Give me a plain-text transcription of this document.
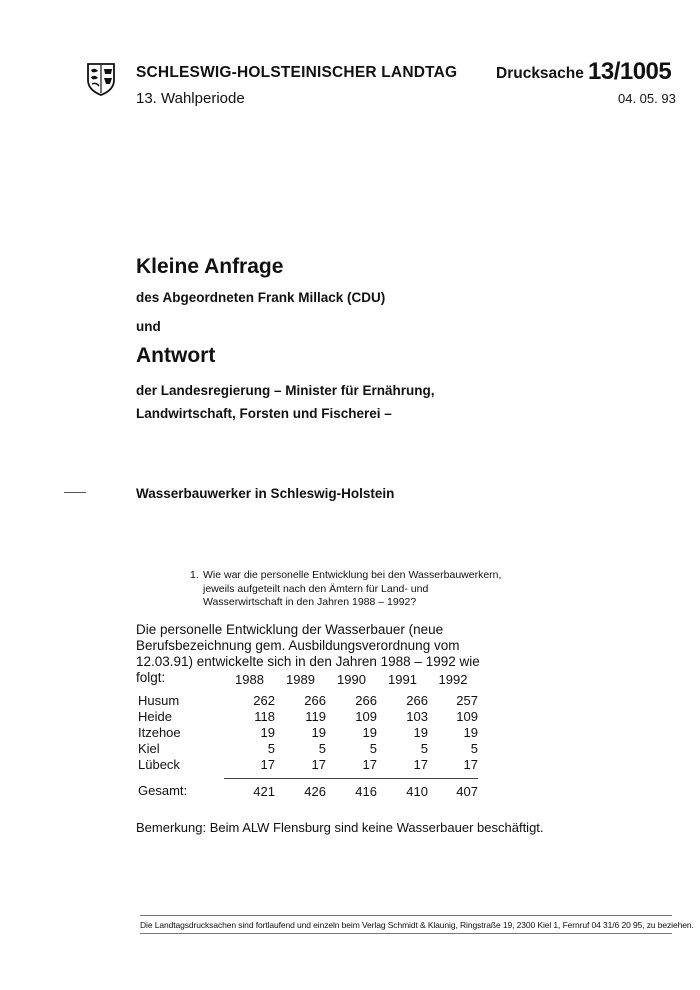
SCHLESWIG-HOLSTEINISCHER LANDTAG
13. Wahlperiode
Drucksache 13/1005
04. 05. 93
Kleine Anfrage
des Abgeordneten Frank Millack (CDU)
und
Antwort
der Landesregierung – Minister für Ernährung,
Landwirtschaft, Forsten und Fischerei –
Wasserbauwerker in Schleswig-Holstein
1. Wie war die personelle Entwicklung bei den Wasserbauwerkern, jeweils aufgeteilt nach den Ämtern für Land- und Wasserwirtschaft in den Jahren 1988 – 1992?
Die personelle Entwicklung der Wasserbauer (neue Berufsbezeichnung gem. Ausbildungsverordnung vom 12.03.91) entwickelte sich in den Jahren 1988 – 1992 wie folgt:
		1988	1989	1990	1991	1992
Husum	262	266	266	266	257
Heide	118	119	109	103	109
Itzehoe	19	19	19	19	19
Kiel	5	5	5	5	5
Lübeck	17	17	17	17	17

Gesamt:	421	426	416	410	407
Bemerkung: Beim ALW Flensburg sind keine Wasserbauer beschäftigt.
Die Landtagsdrucksachen sind fortlaufend und einzeln beim Verlag Schmidt & Klaunig, Ringstraße 19, 2300 Kiel 1, Fernruf 04 31/6 20 95, zu beziehen.
